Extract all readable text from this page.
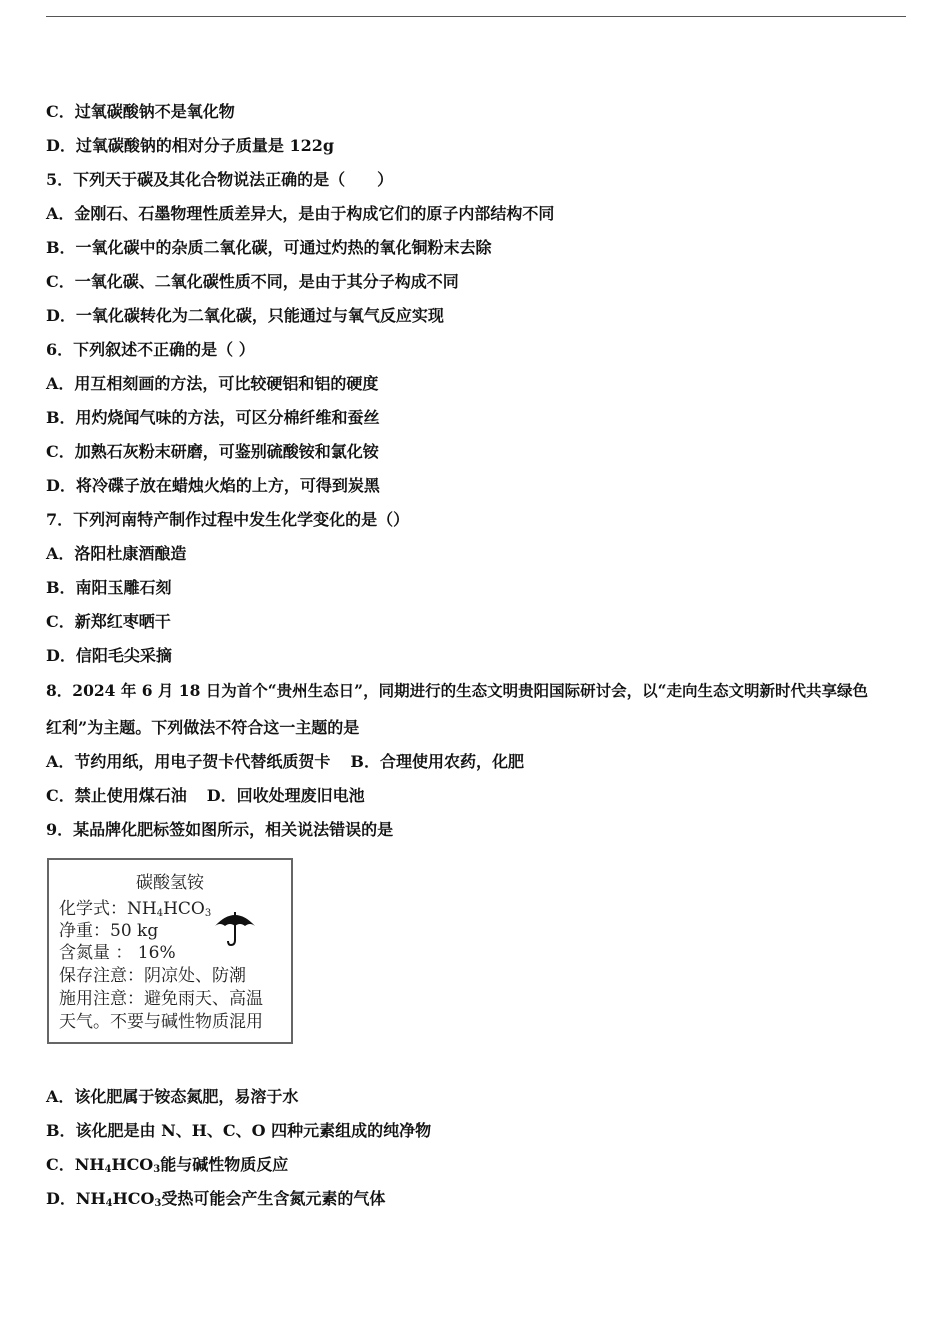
C．过氧碳酸钠不是氧化物
D．过氧碳酸钠的相对分子质量是 122g
5．下列天于碳及其化合物说法正确的是（　　）
A．金刚石、石墨物理性质差异大，是由于构成它们的原子内部结构不同
B．一氧化碳中的杂质二氧化碳，可通过灼热的氧化铜粉末去除
C．一氧化碳、二氧化碳性质不同，是由于其分子构成不同
D．一氧化碳转化为二氧化碳，只能通过与氧气反应实现
6．下列叙述不正确的是（ ）
A．用互相刻画的方法，可比较硬铝和铝的硬度
B．用灼烧闻气味的方法，可区分棉纤维和蚕丝
C．加熟石灰粉末研磨，可鉴别硫酸铵和氯化铵
D．将冷碟子放在蜡烛火焰的上方，可得到炭黑
7．下列河南特产制作过程中发生化学变化的是（）
A．洛阳杜康酒酿造
B．南阳玉雕石刻
C．新郑红枣晒干
D．信阳毛尖采摘
8．2024 年 6 月 18 日为首个“贵州生态日”，同期进行的生态文明贵阳国际研讨会，以“走向生态文明新时代共享绿色
红利”为主题。下列做法不符合这一主题的是
A．节约用纸，用电子贺卡代替纸质贺卡 B．合理使用农药，化肥
C．禁止使用煤石油 D．回收处理废旧电池
9．某品牌化肥标签如图所示，相关说法错误的是
碳酸氢铵
化学式：$NH_4HCO_3$
净重：50 kg
含氮量 ： 16%
保存注意：阴凉处、防潮
施用注意：避免雨天、高温
天气。不要与碱性物质混用
A．该化肥属于铵态氮肥，易溶于水
B．该化肥是由 N、H、C、O 四种元素组成的纯净物
C．$NH_4HCO_3$能与碱性物质反应
D．$NH_4HCO_3$受热可能会产生含氮元素的气体
